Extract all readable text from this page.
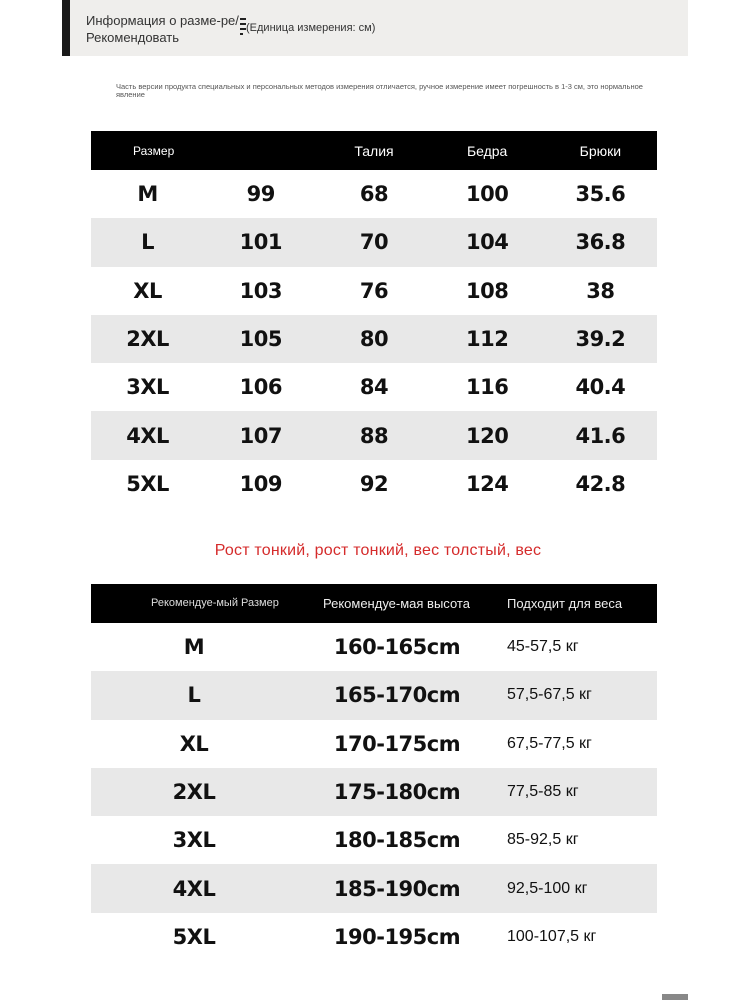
Информация о разме-ре/Рекомендовать
(Единица измерения: см)
Часть версии продукта специальных и персональных методов измерения отличается, ручное измерение имеет погрешность в 1-3 см, это нормальное явление
Размер		Талия	Бедра	Брюки
M	99	68	100	35.6
L	101	70	104	36.8
XL	103	76	108	38
2XL	105	80	112	39.2
3XL	106	84	116	40.4
4XL	107	88	120	41.6
5XL	109	92	124	42.8
Рост тонкий, рост тонкий, вес толстый, вес
Рекомендуе-мый Размер	Рекомендуе-мая высота	Подходит для веса
M	160-165cm	45-57,5 кг
L	165-170cm	57,5-67,5 кг
XL	170-175cm	67,5-77,5 кг
2XL	175-180cm	77,5-85 кг
3XL	180-185cm	85-92,5 кг
4XL	185-190cm	92,5-100 кг
5XL	190-195cm	100-107,5 кг
